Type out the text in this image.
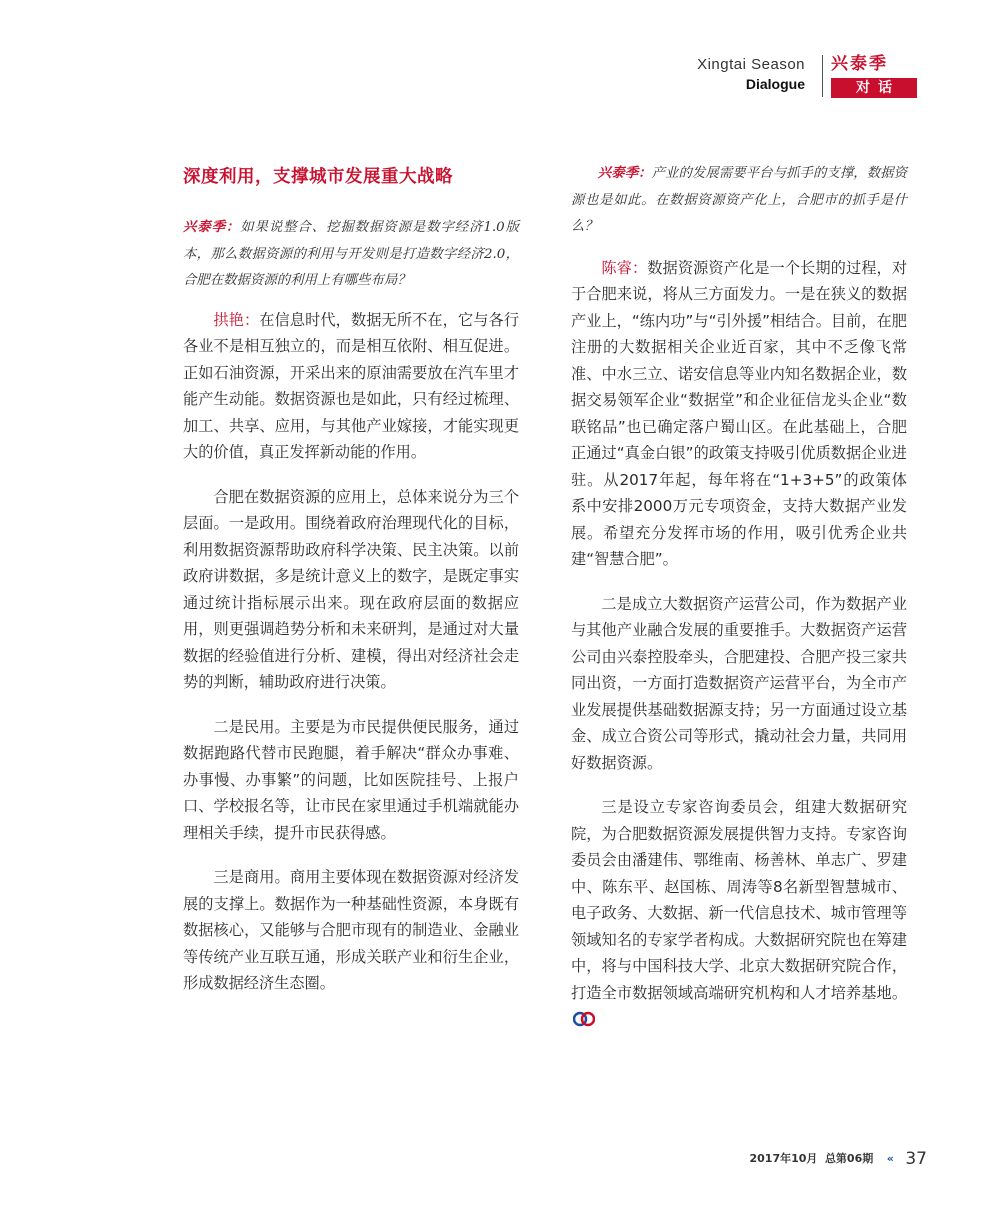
Xingtai Season
Dialogue
兴泰季
对话
深度利用，支撑城市发展重大战略

兴泰季：如果说整合、挖掘数据资源是数字经济1.0版本，那么数据资源的利用与开发则是打造数字经济2.0，合肥在数据资源的利用上有哪些布局？

拱艳：在信息时代，数据无所不在，它与各行各业不是相互独立的，而是相互依附、相互促进。正如石油资源，开采出来的原油需要放在汽车里才能产生动能。数据资源也是如此，只有经过梳理、加工、共享、应用，与其他产业嫁接，才能实现更大的价值，真正发挥新动能的作用。

合肥在数据资源的应用上，总体来说分为三个层面。一是政用。围绕着政府治理现代化的目标，利用数据资源帮助政府科学决策、民主决策。以前政府讲数据，多是统计意义上的数字，是既定事实通过统计指标展示出来。现在政府层面的数据应用，则更强调趋势分析和未来研判，是通过对大量数据的经验值进行分析、建模，得出对经济社会走势的判断，辅助政府进行决策。

二是民用。主要是为市民提供便民服务，通过数据跑路代替市民跑腿，着手解决“群众办事难、办事慢、办事繁”的问题，比如医院挂号、上报户口、学校报名等，让市民在家里通过手机端就能办理相关手续，提升市民获得感。

三是商用。商用主要体现在数据资源对经济发展的支撑上。数据作为一种基础性资源，本身既有数据核心，又能够与合肥市现有的制造业、金融业等传统产业互联互通，形成关联产业和衍生企业，形成数据经济生态圈。

兴泰季：产业的发展需要平台与抓手的支撑，数据资源也是如此。在数据资源资产化上，合肥市的抓手是什么？

陈睿：数据资源资产化是一个长期的过程，对于合肥来说，将从三方面发力。一是在狭义的数据产业上，“练内功”与“引外援”相结合。目前，在肥注册的大数据相关企业近百家，其中不乏像飞常准、中水三立、诺安信息等业内知名数据企业，数据交易领军企业“数据堂”和企业征信龙头企业“数联铭品”也已确定落户蜀山区。在此基础上，合肥正通过“真金白银”的政策支持吸引优质数据企业进驻。从2017年起，每年将在“1+3+5”的政策体系中安排2000万元专项资金，支持大数据产业发展。希望充分发挥市场的作用，吸引优秀企业共建“智慧合肥”。

二是成立大数据资产运营公司，作为数据产业与其他产业融合发展的重要推手。大数据资产运营公司由兴泰控股牵头，合肥建投、合肥产投三家共同出资，一方面打造数据资产运营平台，为全市产业发展提供基础数据源支持；另一方面通过设立基金、成立合资公司等形式，撬动社会力量，共同用好数据资源。

三是设立专家咨询委员会，组建大数据研究院，为合肥数据资源发展提供智力支持。专家咨询委员会由潘建伟、鄂维南、杨善林、单志广、罗建中、陈东平、赵国栋、周涛等8名新型智慧城市、电子政务、大数据、新一代信息技术、城市管理等领域知名的专家学者构成。大数据研究院也在筹建中，将与中国科技大学、北京大数据研究院合作，打造全市数据领域高端研究机构和人才培养基地。

2017年10月 总第06期 « 37
